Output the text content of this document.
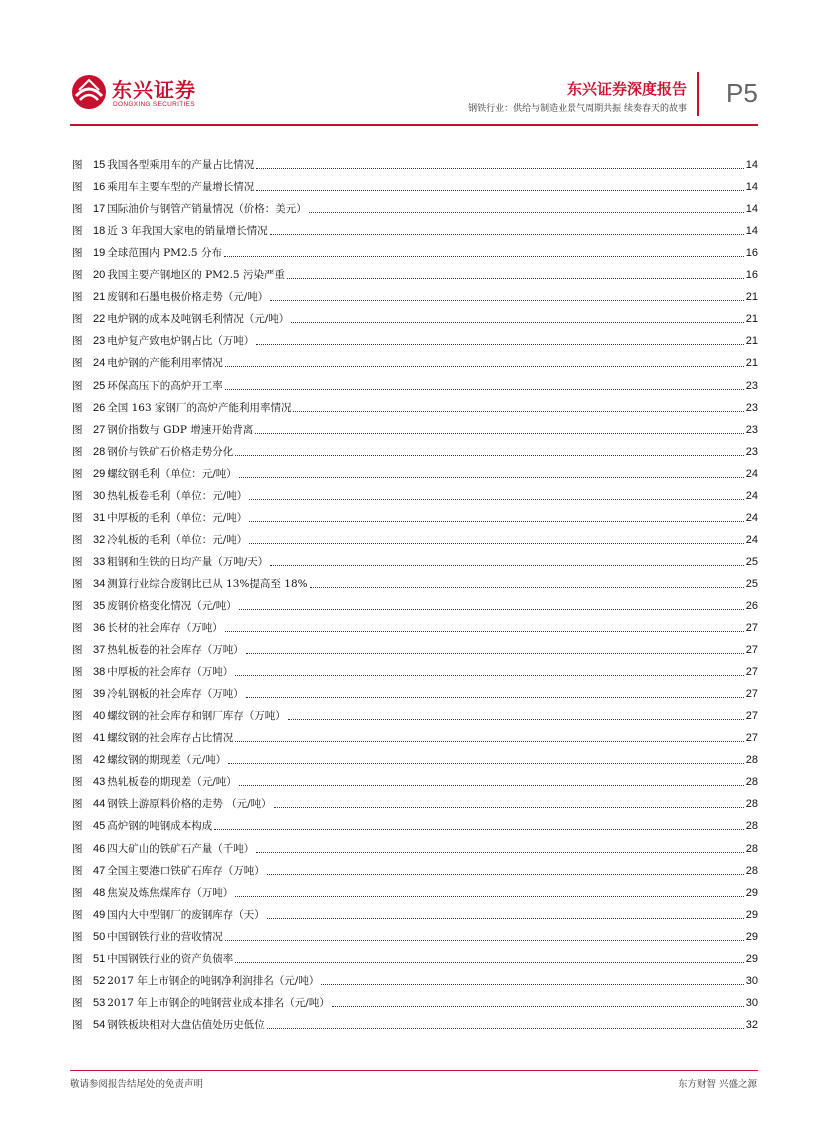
东兴证券
DONGXING SECURITIES
东兴证券深度报告
钢铁行业：供给与制造业景气周期共振 续奏春天的故事
P5
图 15 我国各型乘用车的产量占比情况	14
图 16 乘用车主要车型的产量增长情况	14
图 17 国际油价与钢管产销量情况（价格：美元）	14
图 18 近 3 年我国大家电的销量增长情况	14
图 19 全球范围内 PM2.5 分布	16
图 20 我国主要产钢地区的 PM2.5 污染严重	16
图 21 废钢和石墨电极价格走势（元/吨）	21
图 22 电炉钢的成本及吨钢毛利情况（元/吨）	21
图 23 电炉复产致电炉钢占比（万吨）	21
图 24 电炉钢的产能利用率情况	21
图 25 环保高压下的高炉开工率	23
图 26 全国 163 家钢厂的高炉产能利用率情况	23
图 27 钢价指数与 GDP 增速开始背离	23
图 28 钢价与铁矿石价格走势分化	23
图 29 螺纹钢毛利（单位：元/吨）	24
图 30 热轧板卷毛利（单位：元/吨）	24
图 31 中厚板的毛利（单位：元/吨）	24
图 32 冷轧板的毛利（单位：元/吨）	24
图 33 粗钢和生铁的日均产量（万吨/天）	25
图 34 测算行业综合废钢比已从 13%提高至 18%	25
图 35 废钢价格变化情况（元/吨）	26
图 36 长材的社会库存（万吨）	27
图 37 热轧板卷的社会库存（万吨）	27
图 38 中厚板的社会库存（万吨）	27
图 39 冷轧钢板的社会库存（万吨）	27
图 40 螺纹钢的社会库存和钢厂库存（万吨）	27
图 41 螺纹钢的社会库存占比情况	27
图 42 螺纹钢的期现差（元/吨）	28
图 43 热轧板卷的期现差（元/吨）	28
图 44 钢铁上游原料价格的走势 （元/吨）	28
图 45 高炉钢的吨钢成本构成	28
图 46 四大矿山的铁矿石产量（千吨）	28
图 47 全国主要港口铁矿石库存（万吨）	28
图 48 焦炭及炼焦煤库存（万吨）	29
图 49 国内大中型钢厂的废钢库存（天）	29
图 50 中国钢铁行业的营收情况	29
图 51 中国钢铁行业的资产负债率	29
图 52 2017 年上市钢企的吨钢净利润排名（元/吨）	30
图 53 2017 年上市钢企的吨钢营业成本排名（元/吨）	30
图 54 钢铁板块相对大盘估值处历史低位	32
敬请参阅报告结尾处的免责声明	东方财智 兴盛之源
